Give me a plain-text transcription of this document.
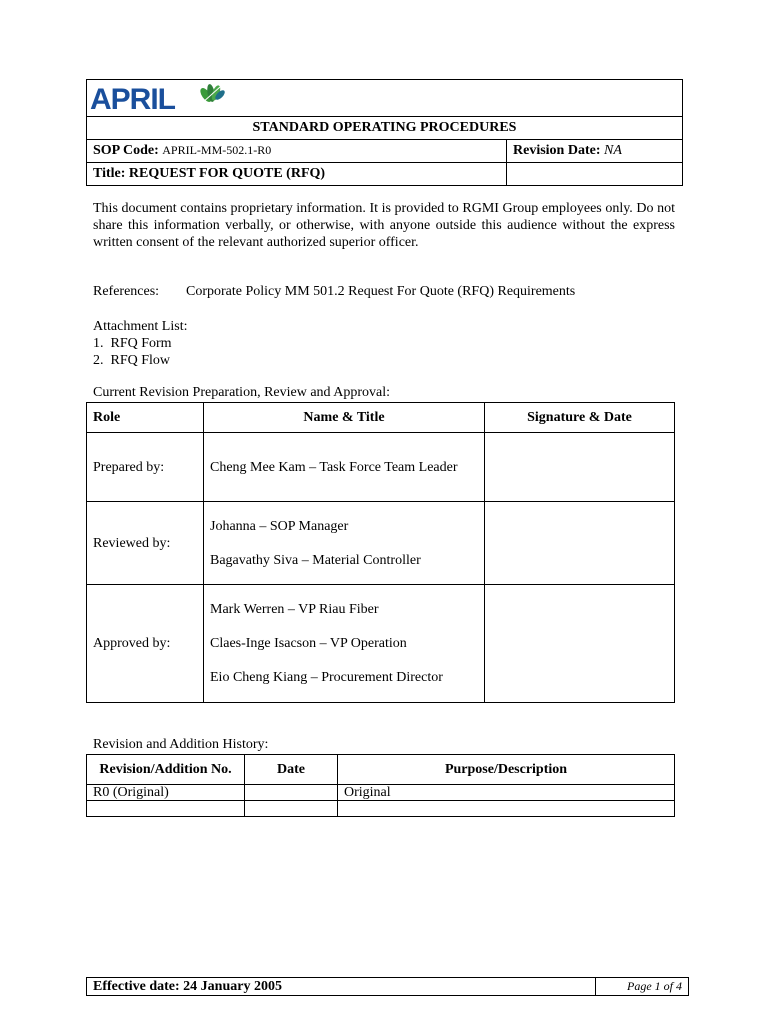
APRIL	

STANDARD OPERATING PROCEDURES	
SOP Code: APRIL-MM-502.1-R0	Revision Date: NA
Title: REQUEST FOR QUOTE (RFQ)	
This document contains proprietary information. It is provided to RGMI Group employees only. Do not share this information verbally, or otherwise, with anyone outside this audience without the express written consent of the relevant authorized superior officer.
References: Corporate Policy MM 501.2 Request For Quote (RFQ) Requirements
Attachment List:
1.  RFQ Form
2.  RFQ Flow
Current Revision Preparation, Review and Approval:
Role	Name & Title	Signature & Date
Prepared by:	Cheng Mee Kam – Task Force Team Leader	
Reviewed by:	Johanna – SOP Manager
Bagavathy Siva – Material Controller	

Approved by:	Mark Werren – VP Riau Fiber
Claes-Inge Isacson – VP Operation
Eio Cheng Kiang – Procurement Director	

Revision and Addition History:
Revision/Addition No.	Date	Purpose/Description
R0 (Original)		Original

Effective date: 24 January 2005	Page 1 of 4
